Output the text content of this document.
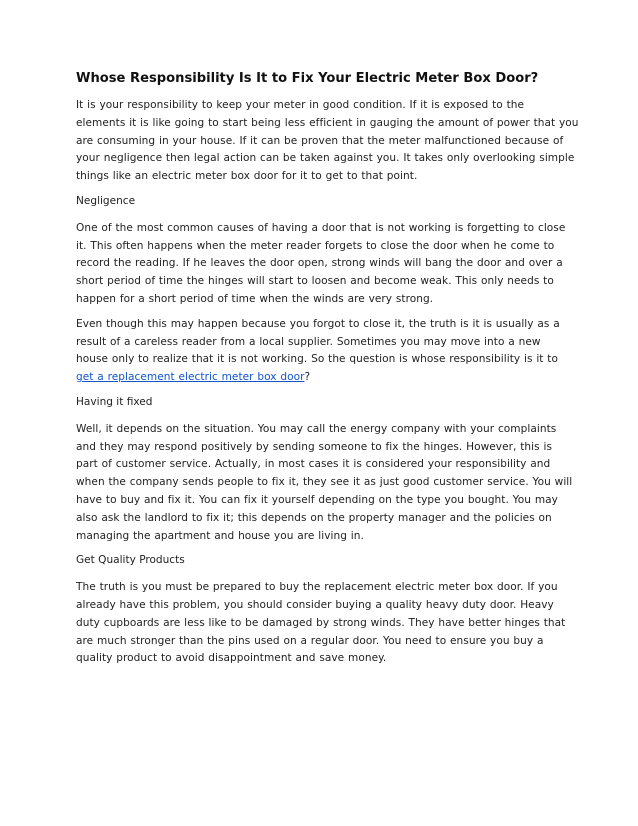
Whose Responsibility Is It to Fix Your Electric Meter Box Door?

It is your responsibility to keep your meter in good condition. If it is exposed to the
elements it is like going to start being less efficient in gauging the amount of power that you
are consuming in your house. If it can be proven that the meter malfunctioned because of
your negligence then legal action can be taken against you. It takes only overlooking simple
things like an electric meter box door for it to get to that point.

Negligence

One of the most common causes of having a door that is not working is forgetting to close
it. This often happens when the meter reader forgets to close the door when he come to
record the reading. If he leaves the door open, strong winds will bang the door and over a
short period of time the hinges will start to loosen and become weak. This only needs to
happen for a short period of time when the winds are very strong.

Even though this may happen because you forgot to close it, the truth is it is usually as a
result of a careless reader from a local supplier. Sometimes you may move into a new
house only to realize that it is not working. So the question is whose responsibility is it to
get a replacement electric meter box door?

Having it fixed

Well, it depends on the situation. You may call the energy company with your complaints
and they may respond positively by sending someone to fix the hinges. However, this is
part of customer service. Actually, in most cases it is considered your responsibility and
when the company sends people to fix it, they see it as just good customer service. You will
have to buy and fix it. You can fix it yourself depending on the type you bought. You may
also ask the landlord to fix it; this depends on the property manager and the policies on
managing the apartment and house you are living in.

Get Quality Products

The truth is you must be prepared to buy the replacement electric meter box door. If you
already have this problem, you should consider buying a quality heavy duty door. Heavy
duty cupboards are less like to be damaged by strong winds. They have better hinges that
are much stronger than the pins used on a regular door. You need to ensure you buy a
quality product to avoid disappointment and save money.
